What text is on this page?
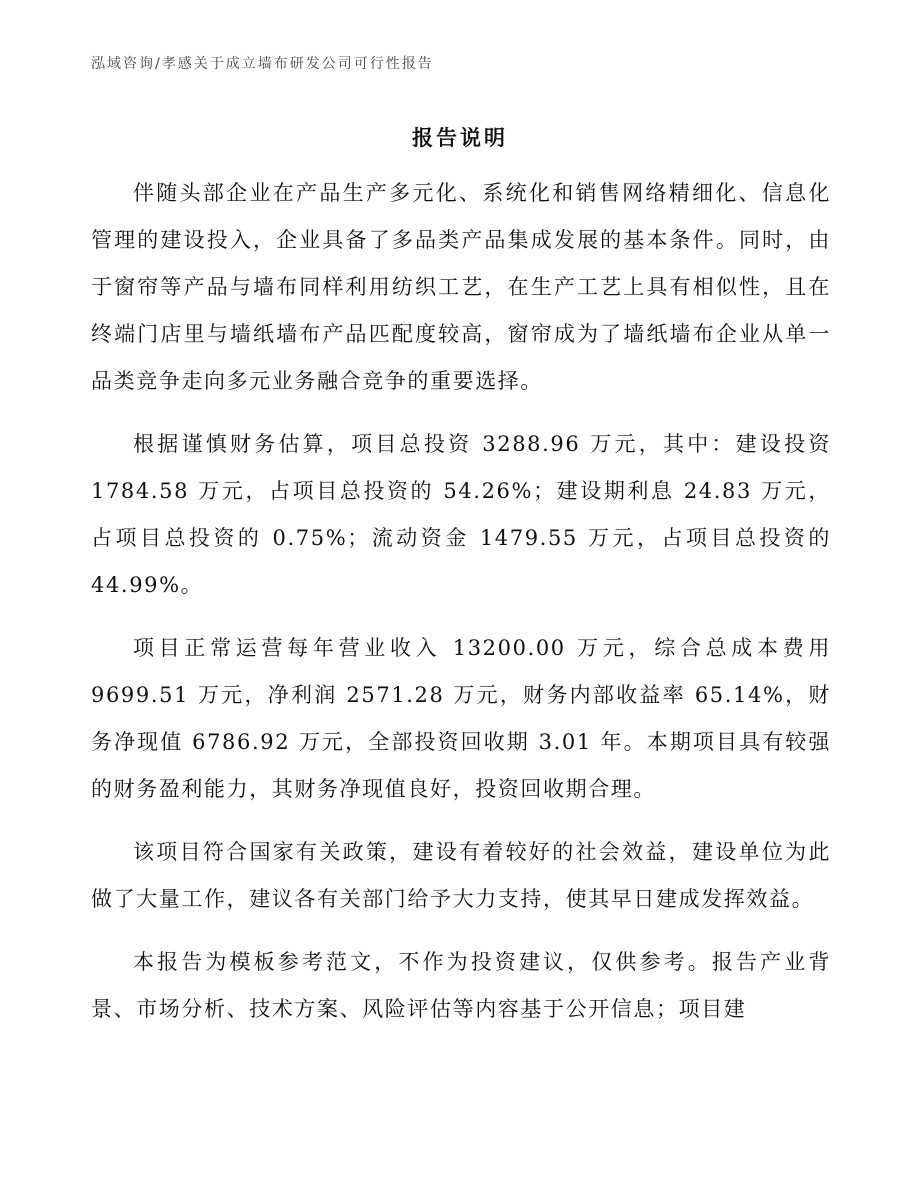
泓域咨询/孝感关于成立墙布研发公司可行性报告
报告说明

伴随头部企业在产品生产多元化、系统化和销售网络精细化、信息化管理的建设投入，企业具备了多品类产品集成发展的基本条件。同时，由于窗帘等产品与墙布同样利用纺织工艺，在生产工艺上具有相似性，且在终端门店里与墙纸墙布产品匹配度较高，窗帘成为了墙纸墙布企业从单一品类竞争走向多元业务融合竞争的重要选择。

根据谨慎财务估算，项目总投资 3288.96 万元，其中：建设投资 1784.58 万元，占项目总投资的 54.26%；建设期利息 24.83 万元，占项目总投资的 0.75%；流动资金 1479.55 万元，占项目总投资的 44.99%。

项目正常运营每年营业收入 13200.00 万元，综合总成本费用 9699.51 万元，净利润 2571.28 万元，财务内部收益率 65.14%，财务净现值 6786.92 万元，全部投资回收期 3.01 年。本期项目具有较强的财务盈利能力，其财务净现值良好，投资回收期合理。

该项目符合国家有关政策，建设有着较好的社会效益，建设单位为此做了大量工作，建议各有关部门给予大力支持，使其早日建成发挥效益。

本报告为模板参考范文，不作为投资建议，仅供参考。报告产业背景、市场分析、技术方案、风险评估等内容基于公开信息；项目建
